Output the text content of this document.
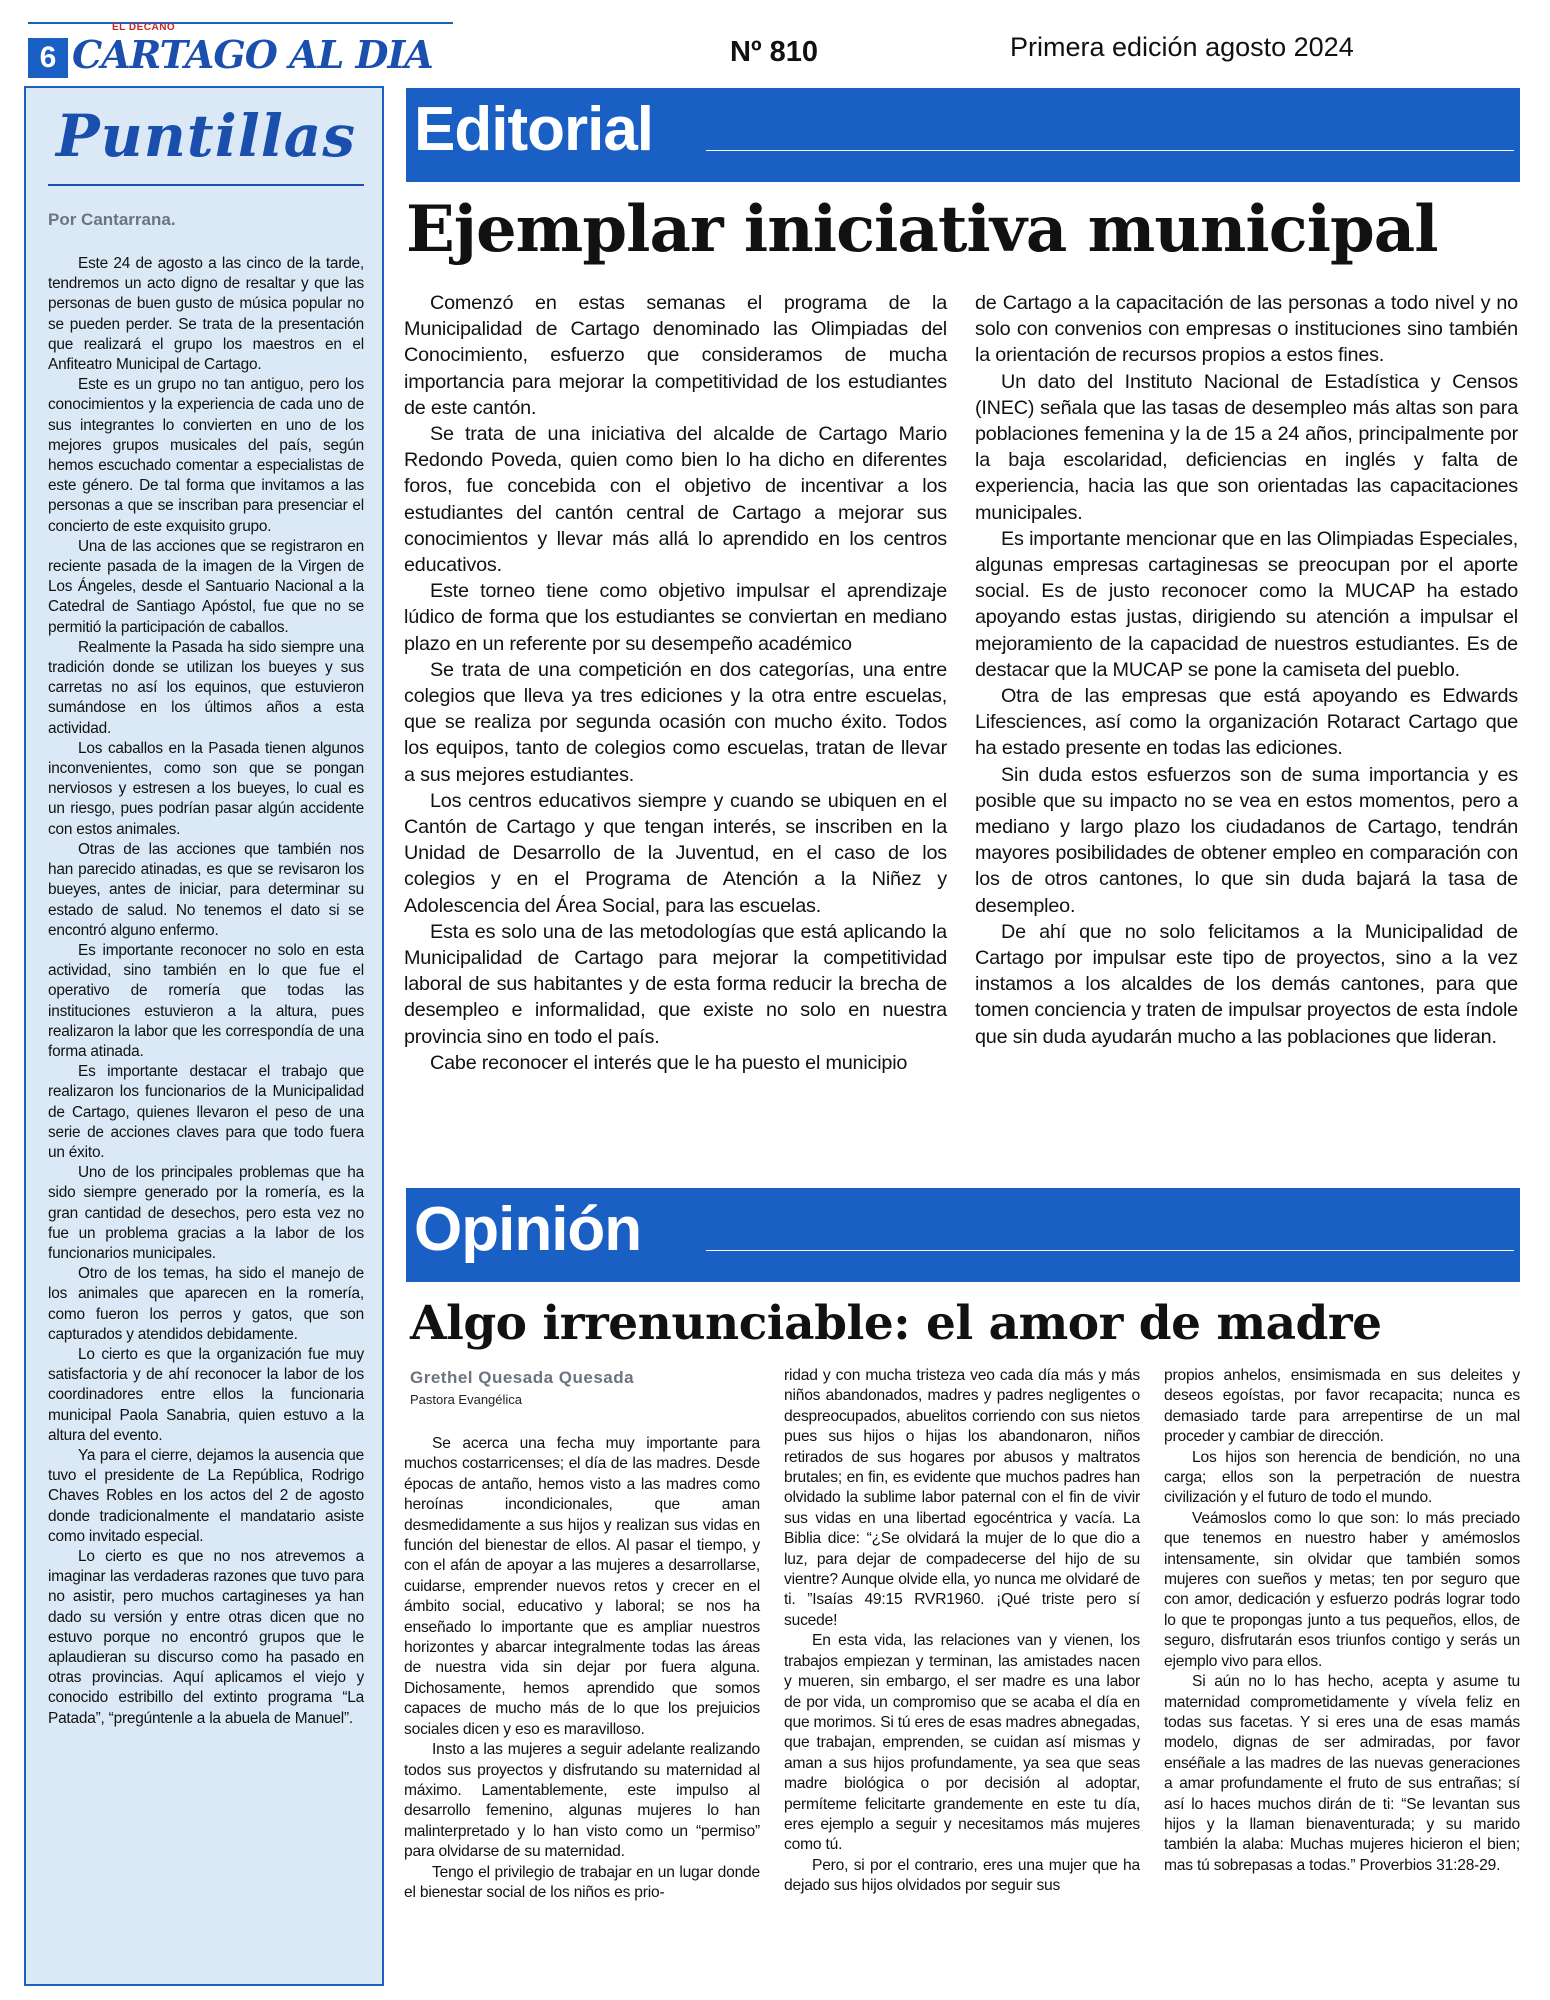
6
EL DECANO
CARTAGO AL DIA	Nº 810	Primera edición agosto 2024
Puntillas
Por Cantarrana.

Este 24 de agosto a las cinco de la tarde, tendremos un acto digno de resaltar y que las personas de buen gusto de música popular no se pueden perder. Se trata de la presentación que realizará el grupo los maestros en el Anfiteatro Municipal de Cartago.

Este es un grupo no tan antiguo, pero los conocimientos y la experiencia de cada uno de sus integrantes lo convierten en uno de los mejores grupos musicales del país, según hemos escuchado comentar a especialistas de este género. De tal forma que invitamos a las personas a que se inscriban para presenciar el concierto de este exquisito grupo.

Una de las acciones que se registraron en reciente pasada de la imagen de la Virgen de Los Ángeles, desde el Santuario Nacional a la Catedral de Santiago Apóstol, fue que no se permitió la participación de caballos.

Realmente la Pasada ha sido siempre una tradición donde se utilizan los bueyes y sus carretas no así los equinos, que estuvieron sumándose en los últimos años a esta actividad.

Los caballos en la Pasada tienen algunos inconvenientes, como son que se pongan nerviosos y estresen a los bueyes, lo cual es un riesgo, pues podrían pasar algún accidente con estos animales.

Otras de las acciones que también nos han parecido atinadas, es que se revisaron los bueyes, antes de iniciar, para determinar su estado de salud. No tenemos el dato si se encontró alguno enfermo.

Es importante reconocer no solo en esta actividad, sino también en lo que fue el operativo de romería que todas las instituciones estuvieron a la altura, pues realizaron la labor que les correspondía de una forma atinada.

Es importante destacar el trabajo que realizaron los funcionarios de la Municipalidad de Cartago, quienes llevaron el peso de una serie de acciones claves para que todo fuera un éxito.

Uno de los principales problemas que ha sido siempre generado por la romería, es la gran cantidad de desechos, pero esta vez no fue un problema gracias a la labor de los funcionarios municipales.

Otro de los temas, ha sido el manejo de los animales que aparecen en la romería, como fueron los perros y gatos, que son capturados y atendidos debidamente.

Lo cierto es que la organización fue muy satisfactoria y de ahí reconocer la labor de los coordinadores entre ellos la funcionaria municipal Paola Sanabria, quien estuvo a la altura del evento.

Ya para el cierre, dejamos la ausencia que tuvo el presidente de La República, Rodrigo Chaves Robles en los actos del 2 de agosto donde tradicionalmente el mandatario asiste como invitado especial.

Lo cierto es que no nos atrevemos a imaginar las verdaderas razones que tuvo para no asistir, pero muchos cartagineses ya han dado su versión y entre otras dicen que no estuvo porque no encontró grupos que le aplaudieran su discurso como ha pasado en otras provincias. Aquí aplicamos el viejo y conocido estribillo del extinto programa “La Patada”, “pregúntenle a la abuela de Manuel”.

Editorial
Ejemplar iniciativa municipal

Comenzó en estas semanas el programa de la Municipalidad de Cartago denominado las Olimpiadas del Conocimiento, esfuerzo que consideramos de mucha importancia para mejorar la competitividad de los estudiantes de este cantón.

Se trata de una iniciativa del alcalde de Cartago Mario Redondo Poveda, quien como bien lo ha dicho en diferentes foros, fue concebida con el objetivo de incentivar a los estudiantes del cantón central de Cartago a mejorar sus conocimientos y llevar más allá lo aprendido en los centros educativos.

Este torneo tiene como objetivo impulsar el aprendizaje lúdico de forma que los estudiantes se conviertan en mediano plazo en un referente por su desempeño académico

Se trata de una competición en dos categorías, una entre colegios que lleva ya tres ediciones y la otra entre escuelas, que se realiza por segunda ocasión con mucho éxito. Todos los equipos, tanto de colegios como escuelas, tratan de llevar a sus mejores estudiantes.

Los centros educativos siempre y cuando se ubiquen en el Cantón de Cartago y que tengan interés, se inscriben en la Unidad de Desarrollo de la Juventud, en el caso de los colegios y en el Programa de Atención a la Niñez y Adolescencia del Área Social, para las escuelas.

Esta es solo una de las metodologías que está aplicando la Municipalidad de Cartago para mejorar la competitividad laboral de sus habitantes y de esta forma reducir la brecha de desempleo e informalidad, que existe no solo en nuestra provincia sino en todo el país.

Cabe reconocer el interés que le ha puesto el municipio

de Cartago a la capacitación de las personas a todo nivel y no solo con convenios con empresas o instituciones sino también la orientación de recursos propios a estos fines.

Un dato del Instituto Nacional de Estadística y Censos (INEC) señala que las tasas de desempleo más altas son para poblaciones femenina y la de 15 a 24 años, principalmente por la baja escolaridad, deficiencias en inglés y falta de experiencia, hacia las que son orientadas las capacitaciones municipales.

Es importante mencionar que en las Olimpiadas Especiales, algunas empresas cartaginesas se preocupan por el aporte social. Es de justo reconocer como la MUCAP ha estado apoyando estas justas, dirigiendo su atención a impulsar el mejoramiento de la capacidad de nuestros estudiantes. Es de destacar que la MUCAP se pone la camiseta del pueblo.

Otra de las empresas que está apoyando es Edwards Lifesciences, así como la organización Rotaract Cartago que ha estado presente en todas las ediciones.

Sin duda estos esfuerzos son de suma importancia y es posible que su impacto no se vea en estos momentos, pero a mediano y largo plazo los ciudadanos de Cartago, tendrán mayores posibilidades de obtener empleo en comparación con los de otros cantones, lo que sin duda bajará la tasa de desempleo.

De ahí que no solo felicitamos a la Municipalidad de Cartago por impulsar este tipo de proyectos, sino a la vez instamos a los alcaldes de los demás cantones, para que tomen conciencia y traten de impulsar proyectos de esta índole que sin duda ayudarán mucho a las poblaciones que lideran.

Opinión
Algo irrenunciable: el amor de madre
Grethel Quesada Quesada
Pastora Evangélica

Se acerca una fecha muy importante para muchos costarricenses; el día de las madres. Desde épocas de antaño, hemos visto a las madres como heroínas incondicionales, que aman desmedidamente a sus hijos y realizan sus vidas en función del bienestar de ellos. Al pasar el tiempo, y con el afán de apoyar a las mujeres a desarrollarse, cuidarse, emprender nuevos retos y crecer en el ámbito social, educativo y laboral; se nos ha enseñado lo importante que es ampliar nuestros horizontes y abarcar integralmente todas las áreas de nuestra vida sin dejar por fuera alguna. Dichosamente, hemos aprendido que somos capaces de mucho más de lo que los prejuicios sociales dicen y eso es maravilloso.

Insto a las mujeres a seguir adelante realizando todos sus proyectos y disfrutando su maternidad al máximo. Lamentablemente, este impulso al desarrollo femenino, algunas mujeres lo han malinterpretado y lo han visto como un “permiso” para olvidarse de su maternidad.

Tengo el privilegio de trabajar en un lugar donde el bienestar social de los niños es prio-

ridad y con mucha tristeza veo cada día más y más niños abandonados, madres y padres negligentes o despreocupados, abuelitos corriendo con sus nietos pues sus hijos o hijas los abandonaron, niños retirados de sus hogares por abusos y maltratos brutales; en fin, es evidente que muchos padres han olvidado la sublime labor paternal con el fin de vivir sus vidas en una libertad egocéntrica y vacía. La Biblia dice: “¿Se olvidará la mujer de lo que dio a luz, para dejar de compadecerse del hijo de su vientre? Aunque olvide ella, yo nunca me olvidaré de ti. ”Isaías 49:15 RVR1960. ¡Qué triste pero sí sucede!

En esta vida, las relaciones van y vienen, los trabajos empiezan y terminan, las amistades nacen y mueren, sin embargo, el ser madre es una labor de por vida, un compromiso que se acaba el día en que morimos. Si tú eres de esas madres abnegadas, que trabajan, emprenden, se cuidan así mismas y aman a sus hijos profundamente, ya sea que seas madre biológica o por decisión al adoptar, permíteme felicitarte grandemente en este tu día, eres ejemplo a seguir y necesitamos más mujeres como tú.

Pero, si por el contrario, eres una mujer que ha dejado sus hijos olvidados por seguir sus

propios anhelos, ensimismada en sus deleites y deseos egoístas, por favor recapacita; nunca es demasiado tarde para arrepentirse de un mal proceder y cambiar de dirección.

Los hijos son herencia de bendición, no una carga; ellos son la perpetración de nuestra civilización y el futuro de todo el mundo.

Veámoslos como lo que son: lo más preciado que tenemos en nuestro haber y amémoslos intensamente, sin olvidar que también somos mujeres con sueños y metas; ten por seguro que con amor, dedicación y esfuerzo podrás lograr todo lo que te propongas junto a tus pequeños, ellos, de seguro, disfrutarán esos triunfos contigo y serás un ejemplo vivo para ellos.

Si aún no lo has hecho, acepta y asume tu maternidad comprometidamente y vívela feliz en todas sus facetas. Y si eres una de esas mamás modelo, dignas de ser admiradas, por favor enséñale a las madres de las nuevas generaciones a amar profundamente el fruto de sus entrañas; sí así lo haces muchos dirán de ti: “Se levantan sus hijos y la llaman bienaventurada; y su marido también la alaba: Muchas mujeres hicieron el bien; mas tú sobrepasas a todas.” Proverbios 31:28-29.
